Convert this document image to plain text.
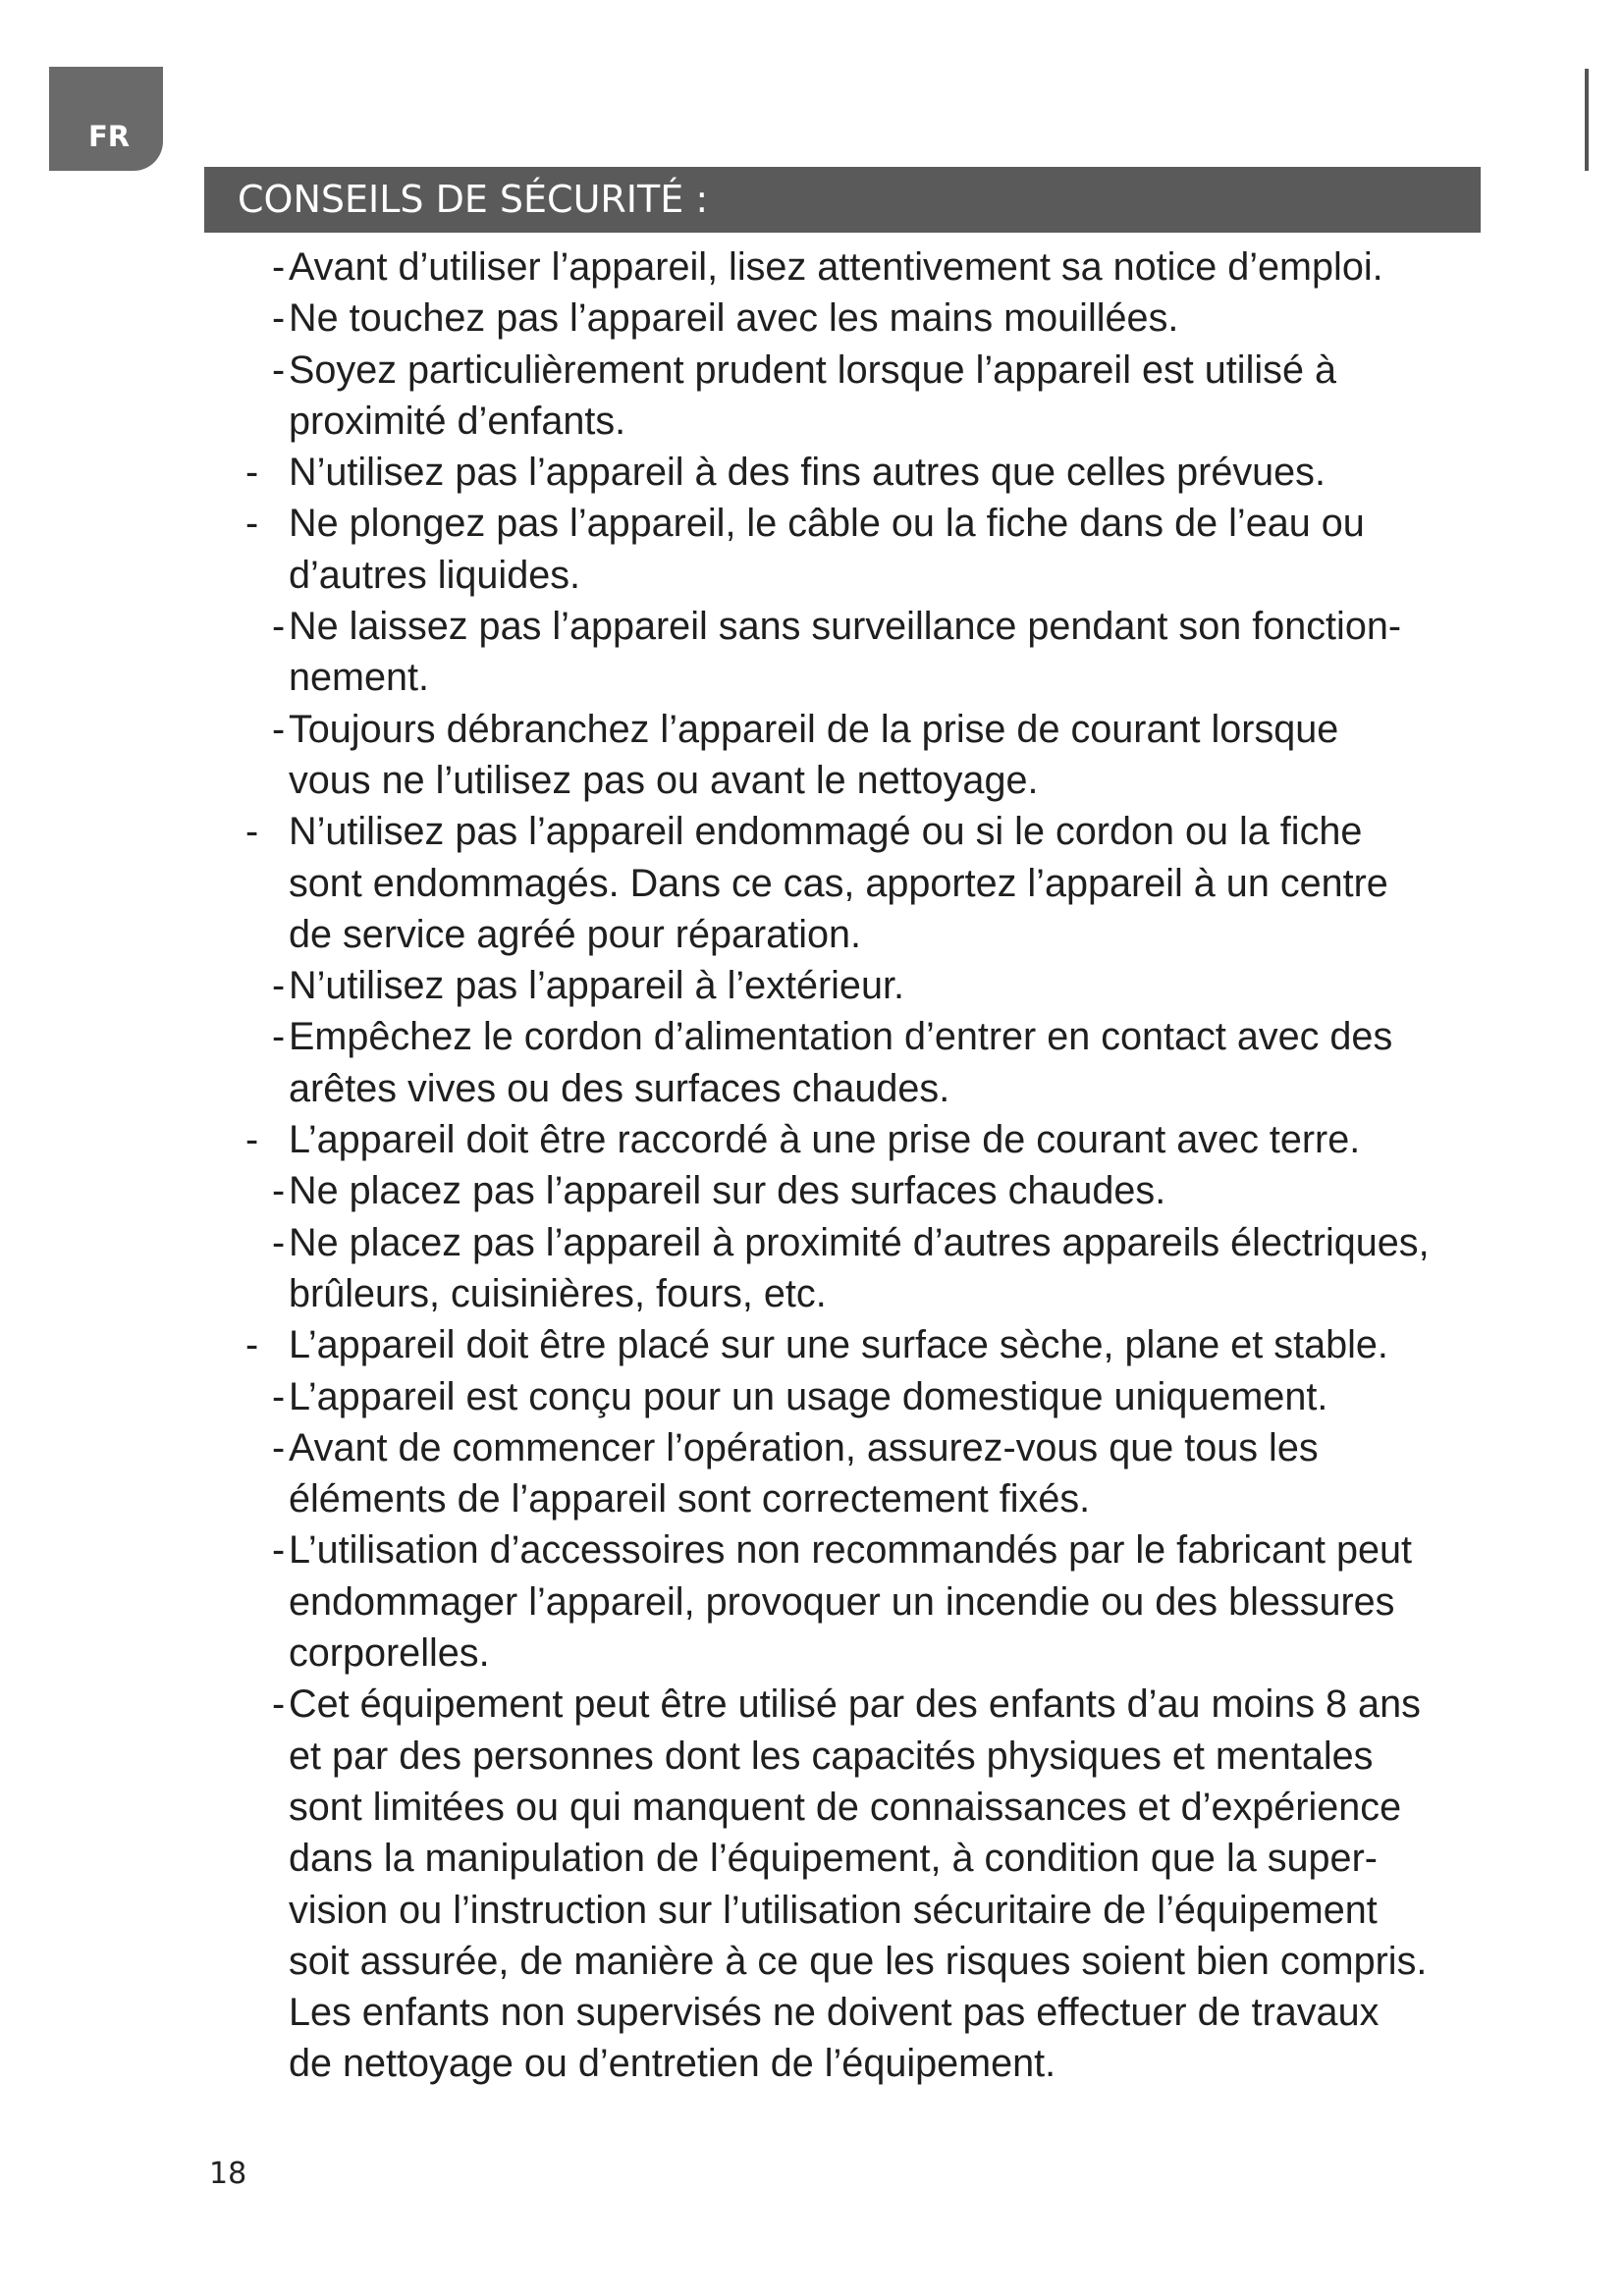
FR
CONSEILS DE SÉCURITÉ :
- Avant d’utiliser l’appareil, lisez attentivement sa notice d’emploi.
- Ne touchez pas l’appareil avec les mains mouillées.
- Soyez particulièrement prudent lorsque l’appareil est utilisé à
proximité d’enfants.
- N’utilisez pas l’appareil à des fins autres que celles prévues.
- Ne plongez pas l’appareil, le câble ou la fiche dans de l’eau ou
d’autres liquides.
- Ne laissez pas l’appareil sans surveillance pendant son fonction-
nement.
- Toujours débranchez l’appareil de la prise de courant lorsque
vous ne l’utilisez pas ou avant le nettoyage.
- N’utilisez pas l’appareil endommagé ou si le cordon ou la fiche
sont endommagés. Dans ce cas, apportez l’appareil à un centre
de service agréé pour réparation.
- N’utilisez pas l’appareil à l’extérieur.
- Empêchez le cordon d’alimentation d’entrer en contact avec des
arêtes vives ou des surfaces chaudes.
- L’appareil doit être raccordé à une prise de courant avec terre.
- Ne placez pas l’appareil sur des surfaces chaudes.
- Ne placez pas l’appareil à proximité d’autres appareils électriques,
brûleurs, cuisinières, fours, etc.
- L’appareil doit être placé sur une surface sèche, plane et stable.
- L’appareil est conçu pour un usage domestique uniquement.
- Avant de commencer l’opération, assurez-vous que tous les
éléments de l’appareil sont correctement fixés.
- L’utilisation d’accessoires non recommandés par le fabricant peut
endommager l’appareil, provoquer un incendie ou des blessures
corporelles.
- Cet équipement peut être utilisé par des enfants d’au moins 8 ans
et par des personnes dont les capacités physiques et mentales
sont limitées ou qui manquent de connaissances et d’expérience
dans la manipulation de l’équipement, à condition que la super-
vision ou l’instruction sur l’utilisation sécuritaire de l’équipement
soit assurée, de manière à ce que les risques soient bien compris.
Les enfants non supervisés ne doivent pas effectuer de travaux
de nettoyage ou d’entretien de l’équipement.
18
